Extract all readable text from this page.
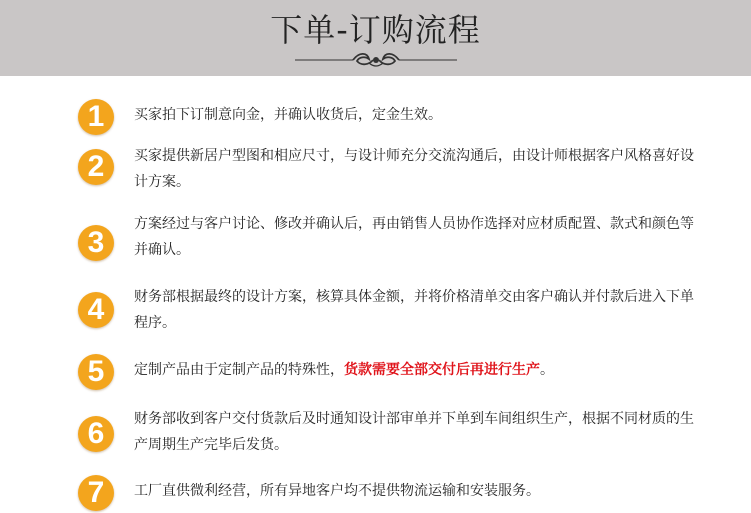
下单-订购流程
1	买家拍下订制意向金，并确认收货后，定金生效。
2	买家提供新居户型图和相应尺寸，与设计师充分交流沟通后，由设计师根据客户风格喜好设计方案。
3
方案经过与客户讨论、修改并确认后，再由销售人员协作选择对应材质配置、款式和颜色等并确认。
4	财务部根据最终的设计方案，核算具体金额，并将价格清单交由客户确认并付款后进入下单程序。
5	定制产品由于定制产品的特殊性，货款需要全部交付后再进行生产。
6	财务部收到客户交付货款后及时通知设计部审单并下单到车间组织生产，根据不同材质的生产周期生产完毕后发货。
7	工厂直供微利经营，所有异地客户均不提供物流运输和安装服务。
